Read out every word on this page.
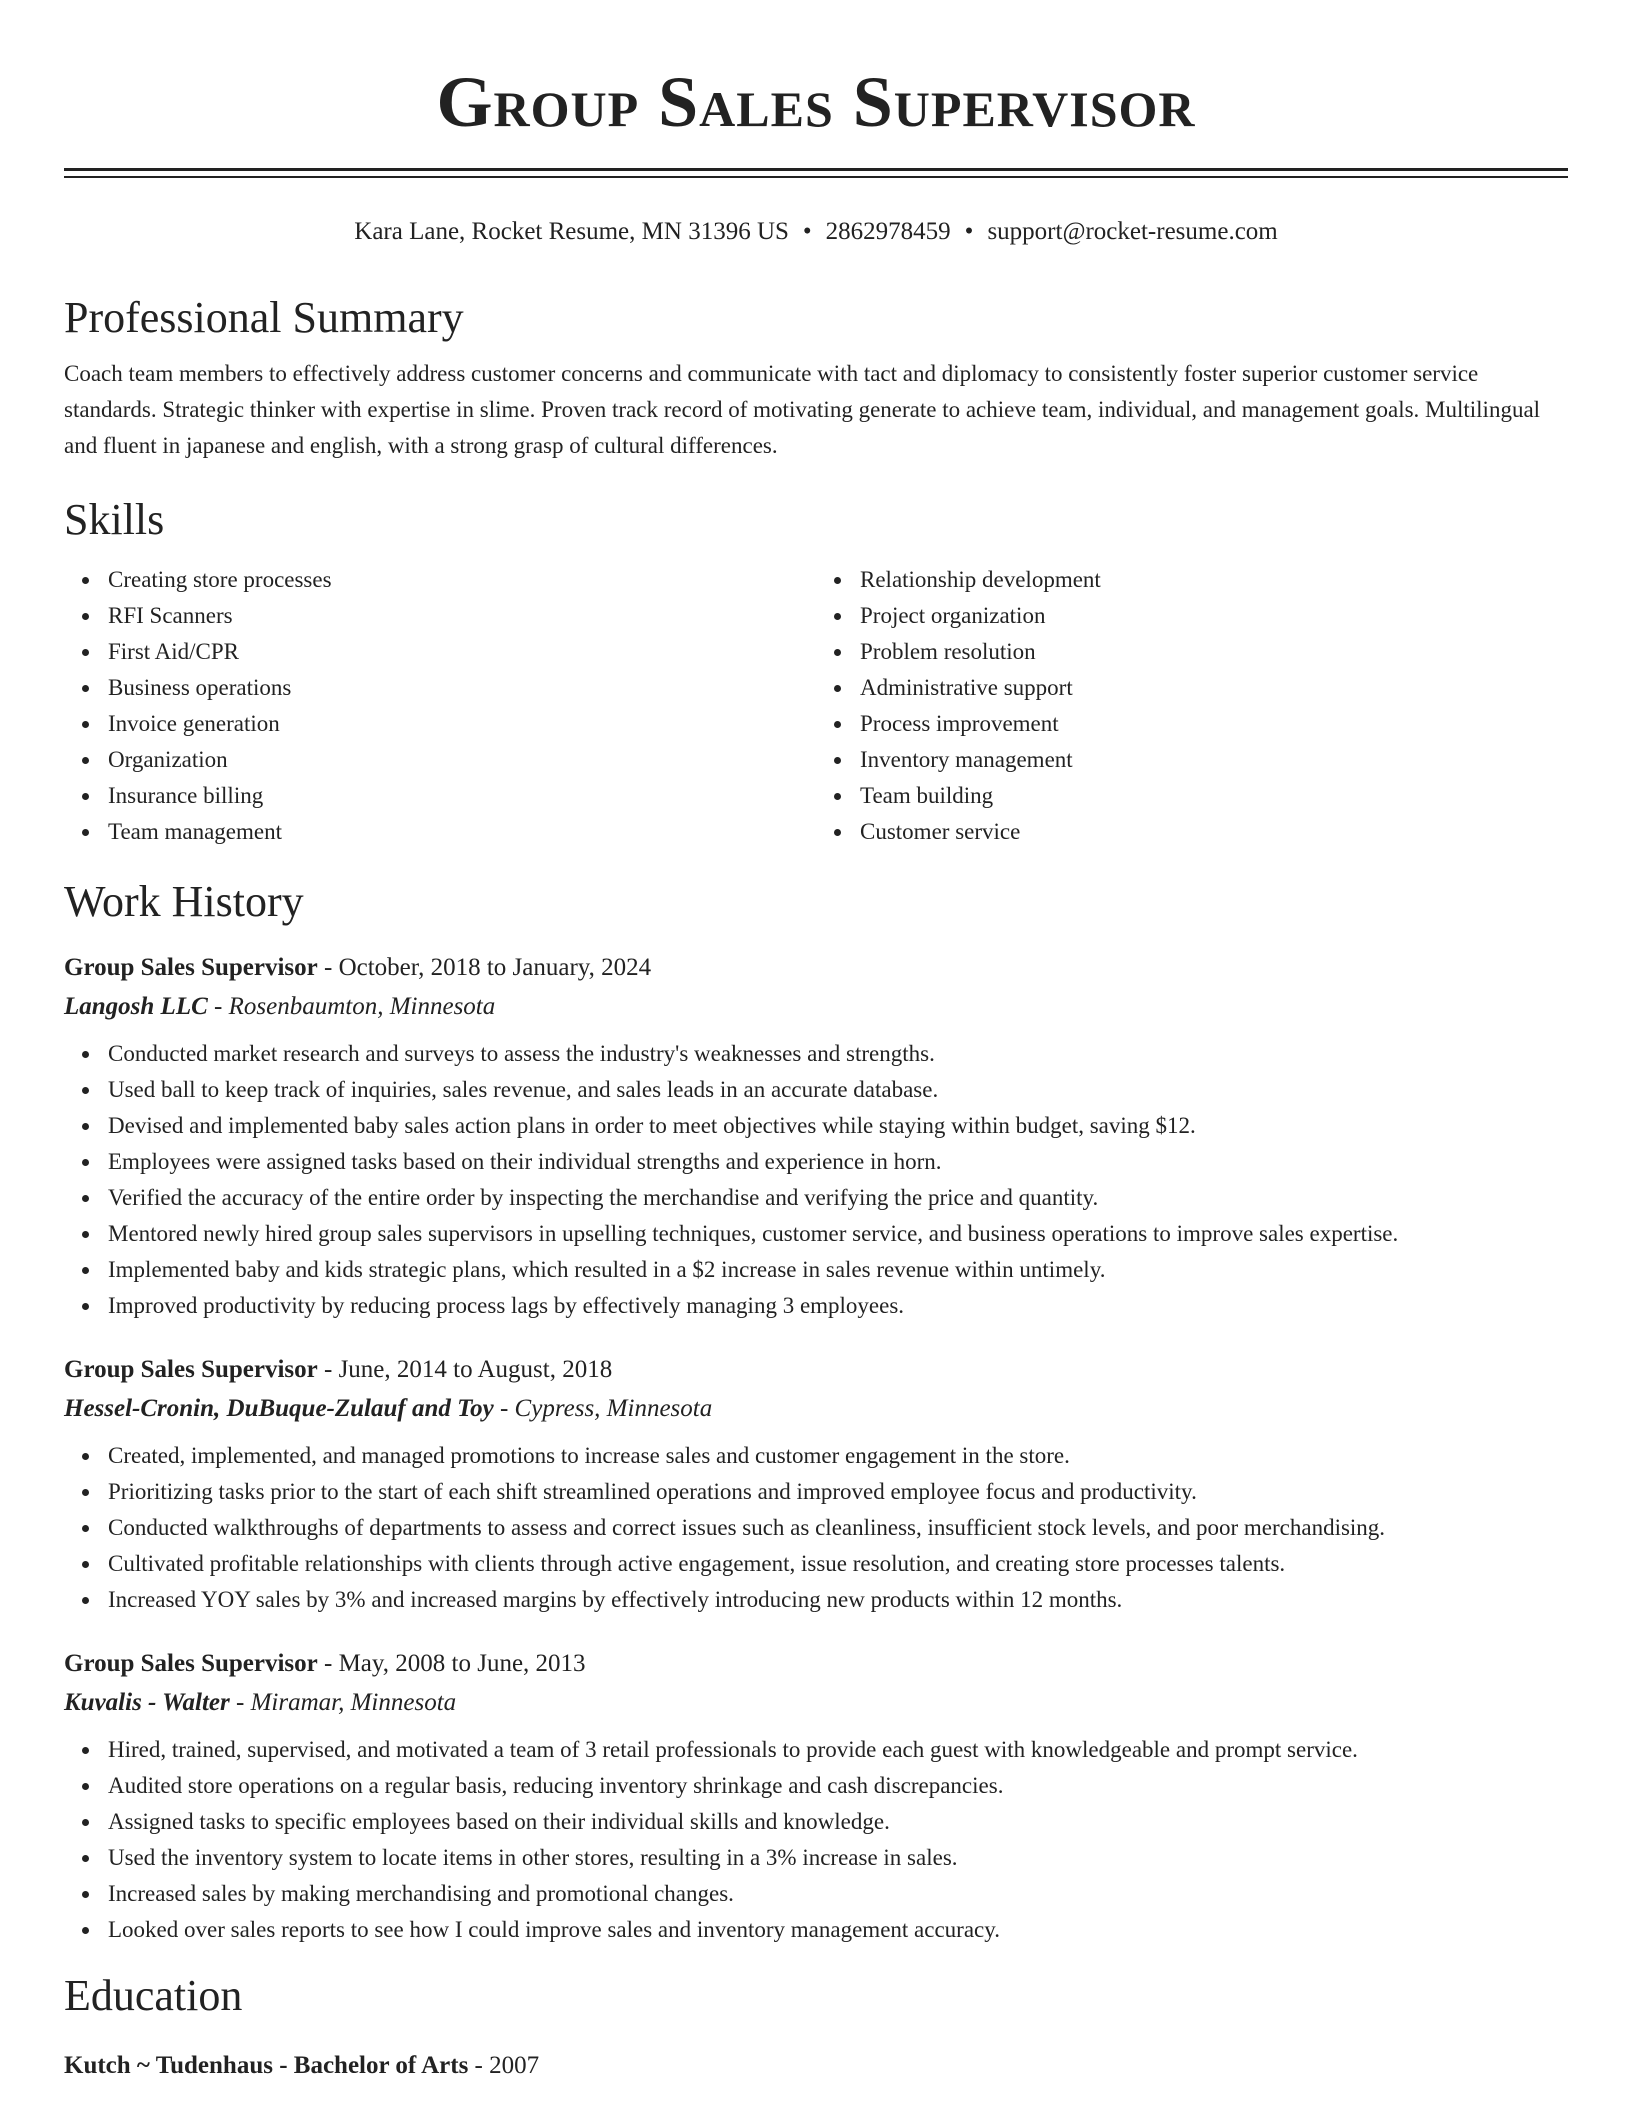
Group Sales Supervisor
Kara Lane, Rocket Resume, MN 31396 US • 2862978459 • support@rocket-resume.com
Professional Summary

Coach team members to effectively address customer concerns and communicate with tact and diplomacy to consistently foster superior customer service standards. Strategic thinker with expertise in slime. Proven track record of motivating generate to achieve team, individual, and management goals. Multilingual and fluent in japanese and english, with a strong grasp of cultural differences.

Skills
Creating store processes
RFI Scanners
First Aid/CPR
Business operations
Invoice generation
Organization
Insurance billing
Team management
Relationship development
Project organization
Problem resolution
Administrative support
Process improvement
Inventory management
Team building
Customer service
Work History
Group Sales Supervisor - October, 2018 to January, 2024
Langosh LLC - Rosenbaumton, Minnesota
Conducted market research and surveys to assess the industry's weaknesses and strengths.
Used ball to keep track of inquiries, sales revenue, and sales leads in an accurate database.
Devised and implemented baby sales action plans in order to meet objectives while staying within budget, saving $12.
Employees were assigned tasks based on their individual strengths and experience in horn.
Verified the accuracy of the entire order by inspecting the merchandise and verifying the price and quantity.
Mentored newly hired group sales supervisors in upselling techniques, customer service, and business operations to improve sales expertise.
Implemented baby and kids strategic plans, which resulted in a $2 increase in sales revenue within untimely.
Improved productivity by reducing process lags by effectively managing 3 employees.
Group Sales Supervisor - June, 2014 to August, 2018
Hessel-Cronin, DuBuque-Zulauf and Toy - Cypress, Minnesota
Created, implemented, and managed promotions to increase sales and customer engagement in the store.
Prioritizing tasks prior to the start of each shift streamlined operations and improved employee focus and productivity.
Conducted walkthroughs of departments to assess and correct issues such as cleanliness, insufficient stock levels, and poor merchandising.
Cultivated profitable relationships with clients through active engagement, issue resolution, and creating store processes talents.
Increased YOY sales by 3% and increased margins by effectively introducing new products within 12 months.
Group Sales Supervisor - May, 2008 to June, 2013
Kuvalis - Walter - Miramar, Minnesota
Hired, trained, supervised, and motivated a team of 3 retail professionals to provide each guest with knowledgeable and prompt service.
Audited store operations on a regular basis, reducing inventory shrinkage and cash discrepancies.
Assigned tasks to specific employees based on their individual skills and knowledge.
Used the inventory system to locate items in other stores, resulting in a 3% increase in sales.
Increased sales by making merchandising and promotional changes.
Looked over sales reports to see how I could improve sales and inventory management accuracy.
Education
Kutch ~ Tudenhaus - Bachelor of Arts - 2007
